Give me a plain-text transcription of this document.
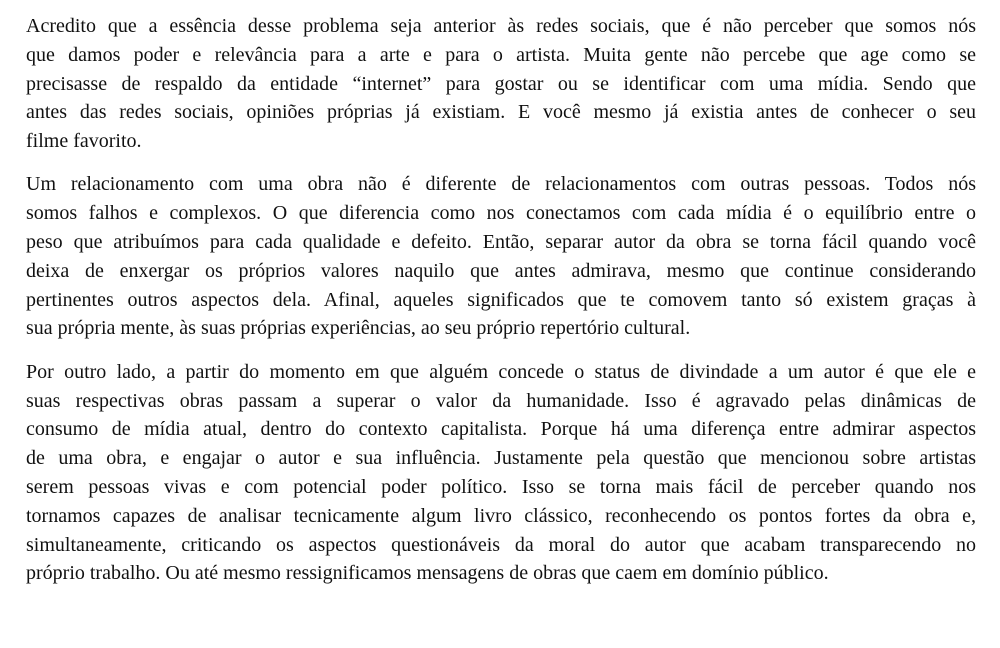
Acredito que a essência desse problema seja anterior às redes sociais, que é não perceber que somos nós
que damos poder e relevância para a arte e para o artista. Muita gente não percebe que age como se
precisasse de respaldo da entidade “internet” para gostar ou se identificar com uma mídia. Sendo que
antes das redes sociais, opiniões próprias já existiam. E você mesmo já existia antes de conhecer o seu
filme favorito.

Um relacionamento com uma obra não é diferente de relacionamentos com outras pessoas. Todos nós
somos falhos e complexos. O que diferencia como nos conectamos com cada mídia é o equilíbrio entre o
peso que atribuímos para cada qualidade e defeito. Então, separar autor da obra se torna fácil quando você
deixa de enxergar os próprios valores naquilo que antes admirava, mesmo que continue considerando
pertinentes outros aspectos dela. Afinal, aqueles significados que te comovem tanto só existem graças à
sua própria mente, às suas próprias experiências, ao seu próprio repertório cultural.

Por outro lado, a partir do momento em que alguém concede o status de divindade a um autor é que ele e
suas respectivas obras passam a superar o valor da humanidade. Isso é agravado pelas dinâmicas de
consumo de mídia atual, dentro do contexto capitalista. Porque há uma diferença entre admirar aspectos
de uma obra, e engajar o autor e sua influência. Justamente pela questão que mencionou sobre artistas
serem pessoas vivas e com potencial poder político. Isso se torna mais fácil de perceber quando nos
tornamos capazes de analisar tecnicamente algum livro clássico, reconhecendo os pontos fortes da obra e,
simultaneamente, criticando os aspectos questionáveis da moral do autor que acabam transparecendo no
próprio trabalho. Ou até mesmo ressignificamos mensagens de obras que caem em domínio público.
